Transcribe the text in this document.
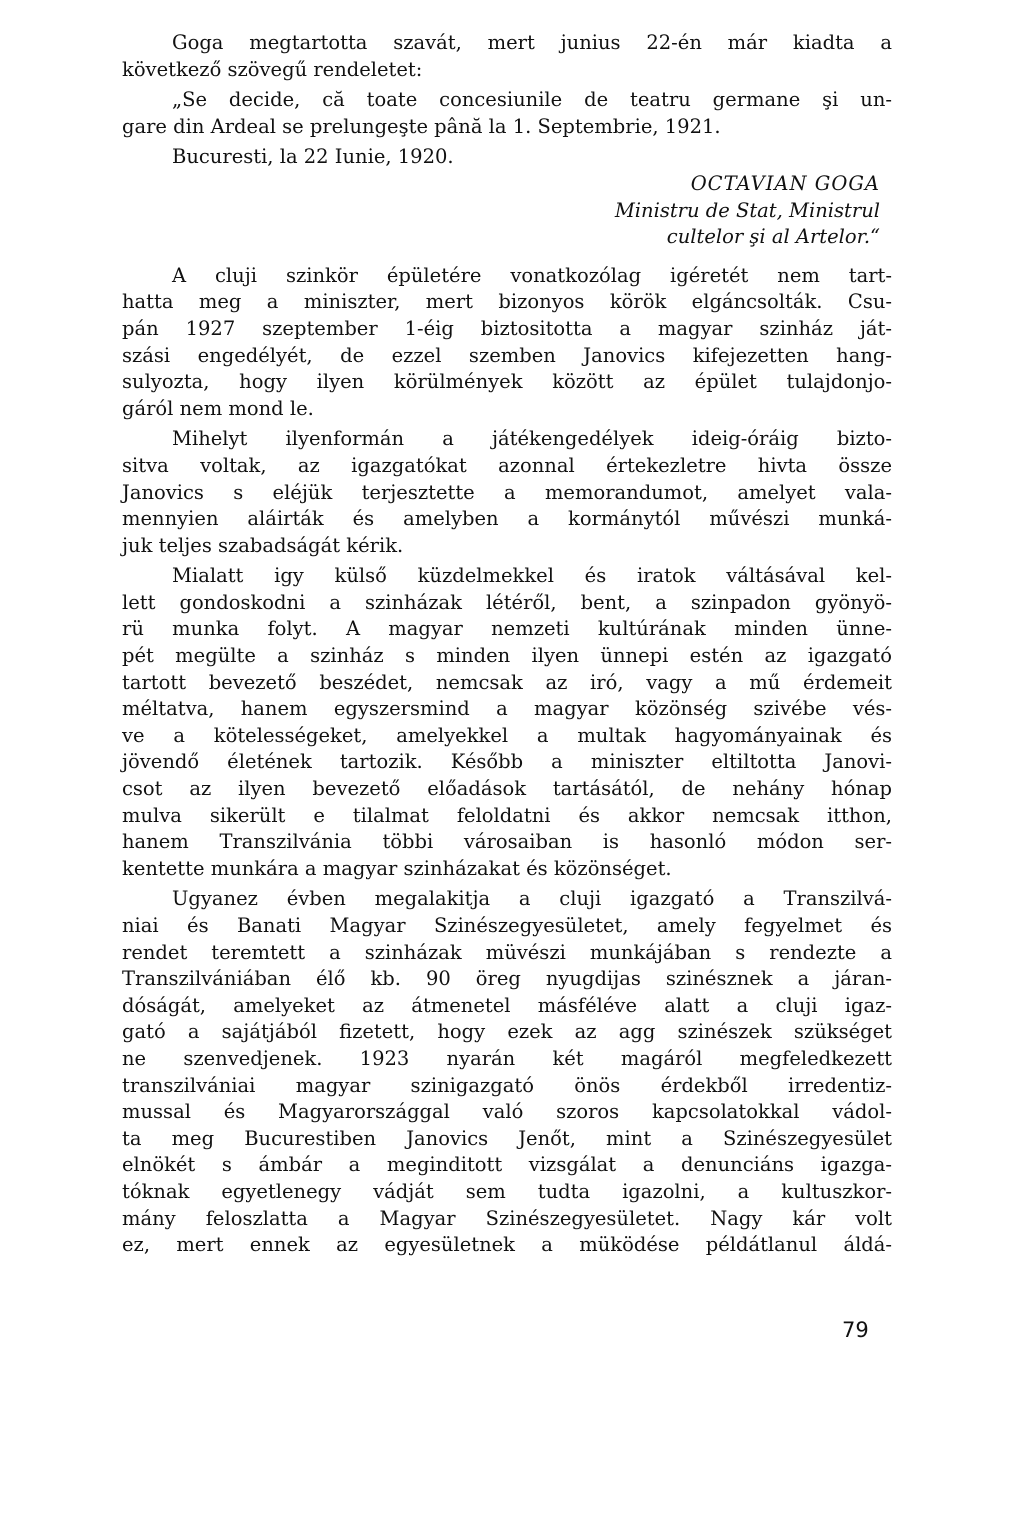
Goga megtartotta szavát, mert junius 22-én már kiadta a
következő szövegű rendeletet:
„Se decide, că toate concesiunile de teatru germane şi un-
gare din Ardeal se prelungeşte până la 1. Septembrie, 1921.
Bucuresti, la 22 Iunie, 1920.
OCTAVIAN GOGA
Ministru de Stat, Ministrul
cultelor şi al Artelor.“
A cluji szinkör épületére vonatkozólag igéretét nem tart-
hatta meg a miniszter, mert bizonyos körök elgáncsolták. Csu-
pán 1927 szeptember 1-éig biztositotta a magyar szinház ját-
szási engedélyét, de ezzel szemben Janovics kifejezetten hang-
sulyozta, hogy ilyen körülmények között az épület tulajdonjo-
gáról nem mond le.
Mihelyt ilyenformán a játékengedélyek ideig-óráig bizto-
sitva voltak, az igazgatókat azonnal értekezletre hivta össze
Janovics s eléjük terjesztette a memorandumot, amelyet vala-
mennyien aláirták és amelyben a kormánytól művészi munká-
juk teljes szabadságát kérik.
Mialatt igy külső küzdelmekkel és iratok váltásával kel-
lett gondoskodni a szinházak létéről, bent, a szinpadon gyönyö-
rü munka folyt. A magyar nemzeti kultúrának minden ünne-
pét megülte a szinház s minden ilyen ünnepi estén az igazgató
tartott bevezető beszédet, nemcsak az iró, vagy a mű érdemeit
méltatva, hanem egyszersmind a magyar közönség szivébe vés-
ve a kötelességeket, amelyekkel a multak hagyományainak és
jövendő életének tartozik. Később a miniszter eltiltotta Janovi-
csot az ilyen bevezető előadások tartásától, de nehány hónap
mulva sikerült e tilalmat feloldatni és akkor nemcsak itthon,
hanem Transzilvánia többi városaiban is hasonló módon ser-
kentette munkára a magyar szinházakat és közönséget.
Ugyanez évben megalakitja a cluji igazgató a Transzilvá-
niai és Banati Magyar Szinészegyesületet, amely fegyelmet és
rendet teremtett a szinházak müvészi munkájában s rendezte a
Transzilvániában élő kb. 90 öreg nyugdijas szinésznek a járan-
dóságát, amelyeket az átmenetel másféléve alatt a cluji igaz-
gató a sajátjából fizetett, hogy ezek az agg szinészek szükséget
ne szenvedjenek. 1923 nyarán két magáról megfeledkezett
transzilvániai magyar szinigazgató önös érdekből irredentiz-
mussal és Magyarországgal való szoros kapcsolatokkal vádol-
ta meg Bucurestiben Janovics Jenőt, mint a Szinészegyesület
elnökét s ámbár a meginditott vizsgálat a denunciáns igazga-
tóknak egyetlenegy vádját sem tudta igazolni, a kultuszkor-
mány feloszlatta a Magyar Szinészegyesületet. Nagy kár volt
ez, mert ennek az egyesületnek a müködése példátlanul áldá-
79
